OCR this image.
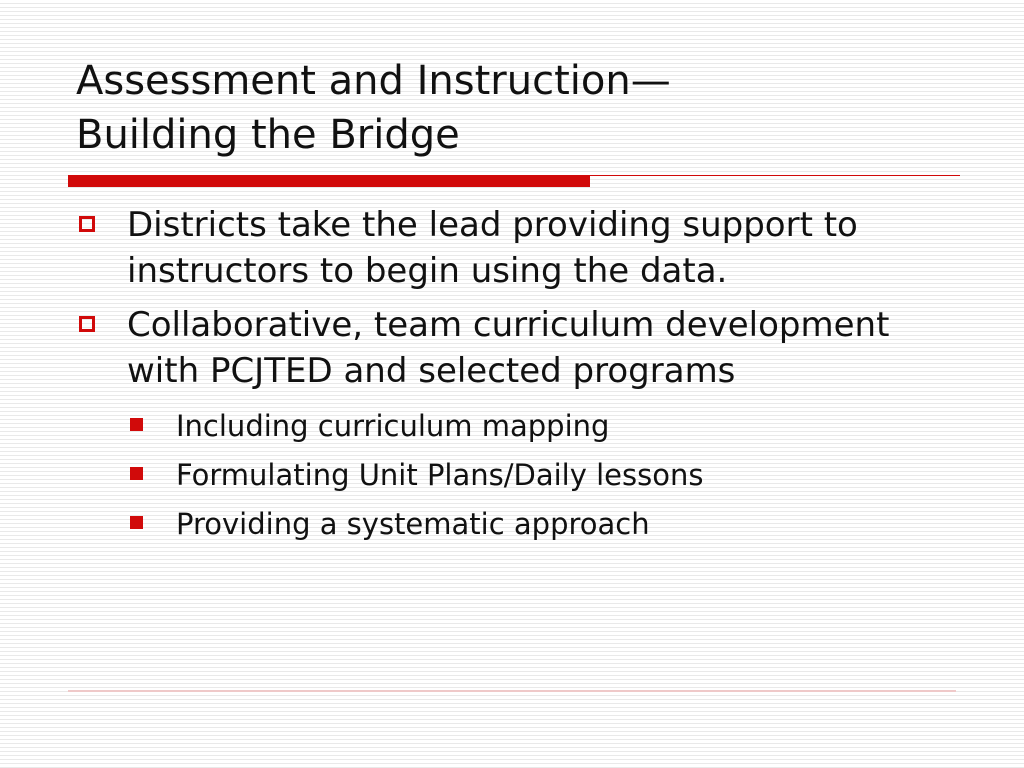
Assessment and Instruction—
Building the Bridge
Districts take the lead providing support to instructors to begin using the data.
Collaborative, team curriculum development with PCJTED and selected programs
Including curriculum mapping
Formulating Unit Plans/Daily lessons
Providing a systematic approach
